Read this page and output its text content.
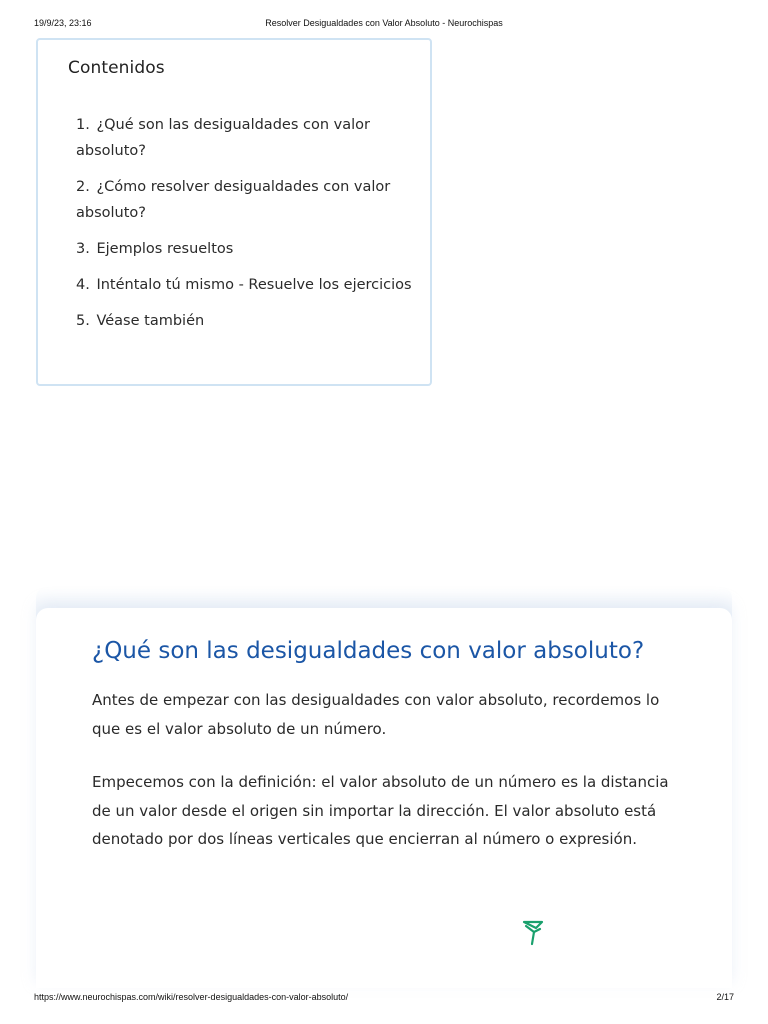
19/9/23, 23:16	Resolver Desigualdades con Valor Absoluto - Neurochispas
Contenidos
1. ¿Qué son las desigualdades con valor absoluto?
2. ¿Cómo resolver desigualdades con valor absoluto?
3. Ejemplos resueltos
4. Inténtalo tú mismo - Resuelve los ejercicios
5. Véase también
¿Qué son las desigualdades con valor absoluto?

Antes de empezar con las desigualdades con valor absoluto, recordemos lo que es el valor absoluto de un número.

Empecemos con la definición: el valor absoluto de un número es la distancia de un valor desde el origen sin importar la dirección. El valor absoluto está denotado por dos líneas verticales que encierran al número o expresión.

https://www.neurochispas.com/wiki/resolver-desigualdades-con-valor-absoluto/	2/17
